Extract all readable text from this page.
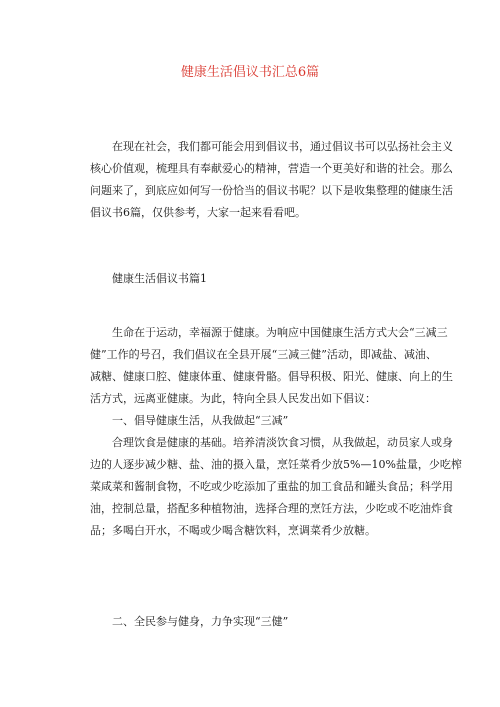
健康生活倡议书汇总6篇
　　在现在社会，我们都可能会用到倡议书，通过倡议书可以弘扬社会主义
核心价值观，梳理具有奉献爱心的精神，营造一个更美好和谐的社会。那么
问题来了，到底应如何写一份恰当的倡议书呢？以下是收集整理的健康生活
倡议书6篇，仅供参考，大家一起来看看吧。
　　健康生活倡议书篇1
　　生命在于运动，幸福源于健康。为响应中国健康生活方式大会“三减三
健”工作的号召，我们倡议在全县开展“三减三健”活动，即减盐、减油、
减糖、健康口腔、健康体重、健康骨骼。倡导积极、阳光、健康、向上的生
活方式，远离亚健康。为此，特向全县人民发出如下倡议：
　　一、倡导健康生活，从我做起“三减”
　　合理饮食是健康的基础。培养清淡饮食习惯，从我做起，动员家人或身
边的人逐步减少糖、盐、油的摄入量，烹饪菜肴少放5%—10%盐量，少吃榨
菜咸菜和酱制食物，不吃或少吃添加了重盐的加工食品和罐头食品；科学用
油，控制总量，搭配多种植物油，选择合理的烹饪方法，少吃或不吃油炸食
品；多喝白开水，不喝或少喝含糖饮料，烹调菜肴少放糖。
　　二、全民参与健身，力争实现“三健”
